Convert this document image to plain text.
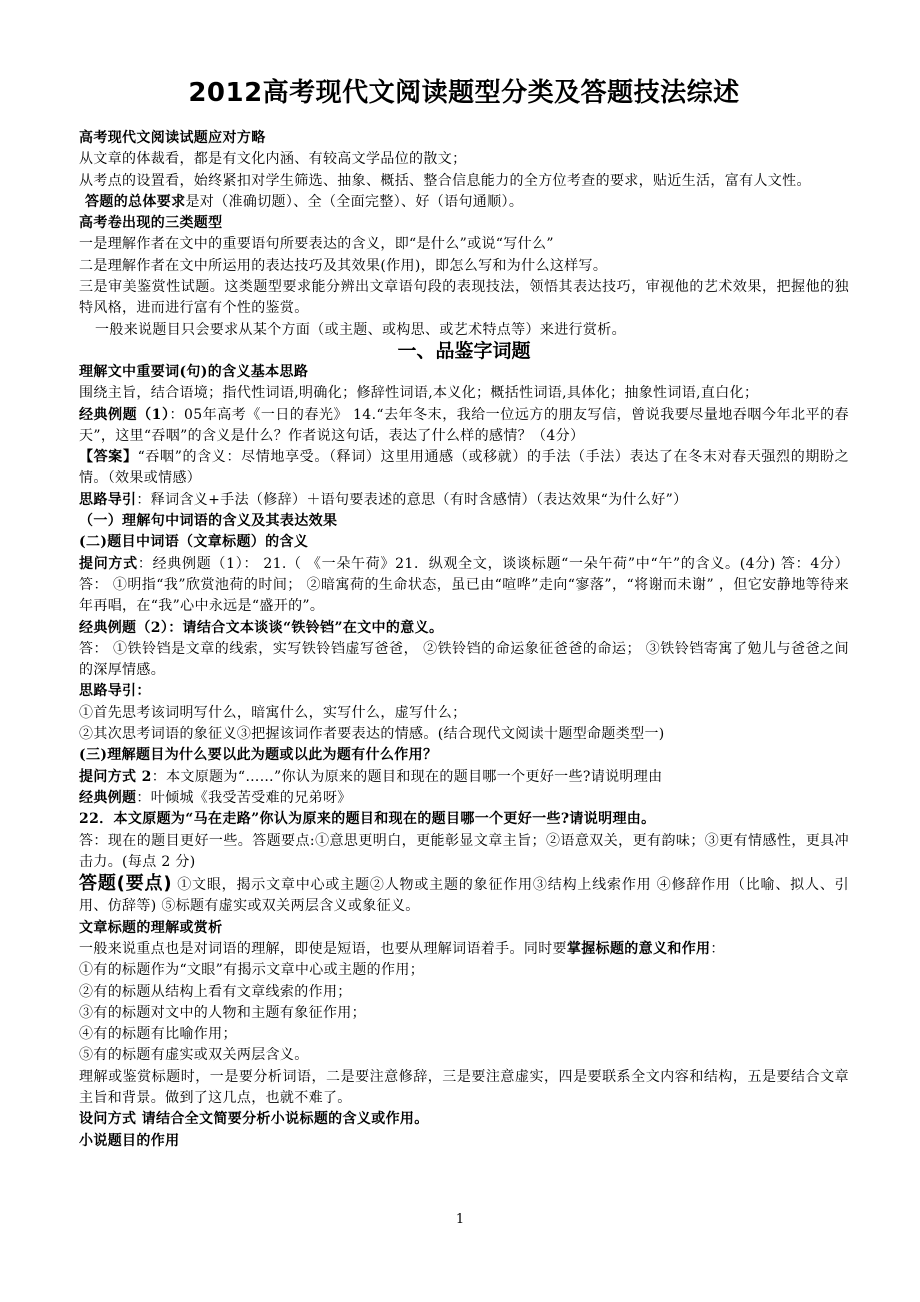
2012高考现代文阅读题型分类及答题技法综述

高考现代文阅读试题应对方略

从文章的体裁看，都是有文化内涵、有较高文学品位的散文；

从考点的设置看，始终紧扣对学生筛选、抽象、概括、整合信息能力的全方位考查的要求，贴近生活，富有人文性。

答题的总体要求是对（准确切题）、全（全面完整）、好（语句通顺）。

高考卷出现的三类题型

一是理解作者在文中的重要语句所要表达的含义，即“是什么”或说“写什么”

二是理解作者在文中所运用的表达技巧及其效果(作用)，即怎么写和为什么这样写。

三是审美鉴赏性试题。这类题型要求能分辨出文章语句段的表现技法，领悟其表达技巧，审视他的艺术效果，把握他的独特风格，进而进行富有个性的鉴赏。

一般来说题目只会要求从某个方面（或主题、或构思、或艺术特点等）来进行赏析。

一、品鉴字词题

理解文中重要词(句)的含义基本思路

围绕主旨，结合语境；指代性词语,明确化；修辞性词语,本义化；概括性词语,具体化；抽象性词语,直白化；

经典例题（1）：05年高考《一日的春光》 14.“去年冬末，我给一位远方的朋友写信，曾说我要尽量地吞咽今年北平的春天”，这里“吞咽”的含义是什么？作者说这句话，表达了什么样的感情？（4分）

【答案】“吞咽”的含义：尽情地享受。（释词）这里用通感（或移就）的手法（手法）表达了在冬末对春天强烈的期盼之情。（效果或情感）

思路导引：释词含义+手法（修辞）＋语句要表述的意思（有时含感情）（表达效果“为什么好”）

（一）理解句中词语的含义及其表达效果

(二)题目中词语（文章标题）的含义

提问方式：经典例题（1）： 21.（ 《一朵午荷》21．纵观全文，谈谈标题“一朵午荷”中“午”的含义。(4分) 答：4分）答： ①明指“我”欣赏池荷的时间； ②暗寓荷的生命状态，虽已由“喧哗”走向“寥落”，“将谢而未谢” ，但它安静地等待来年再唱，在“我”心中永远是“盛开的”。

经典例题（2）：请结合文本谈谈“铁铃铛”在文中的意义。

答： ①铁铃铛是文章的线索，实写铁铃铛虚写爸爸， ②铁铃铛的命运象征爸爸的命运； ③铁铃铛寄寓了勉儿与爸爸之间的深厚情感。

思路导引：

①首先思考该词明写什么，暗寓什么，实写什么，虚写什么；

②其次思考词语的象征义③把握该词作者要表达的情感。(结合现代文阅读十题型命题类型一)

(三)理解题目为什么要以此为题或以此为题有什么作用？

提问方式 2：本文原题为“……”你认为原来的题目和现在的题目哪一个更好一些?请说明理由

经典例题：叶倾城《我受苦受难的兄弟呀》

22．本文原题为“马在走路”你认为原来的题目和现在的题目哪一个更好一些?请说明理由。

答：现在的题目更好一些。答题要点:①意思更明白，更能彰显文章主旨；②语意双关，更有韵味；③更有情感性，更具冲击力。(每点 2 分)

答题(要点) ①文眼，揭示文章中心或主题②人物或主题的象征作用③结构上线索作用 ④修辞作用（比喻、拟人、引用、仿辞等) ⑤标题有虚实或双关两层含义或象征义。

文章标题的理解或赏析

一般来说重点也是对词语的理解，即使是短语，也要从理解词语着手。同时要掌握标题的意义和作用：

①有的标题作为“文眼”有揭示文章中心或主题的作用；

②有的标题从结构上看有文章线索的作用；

③有的标题对文中的人物和主题有象征作用；

④有的标题有比喻作用；

⑤有的标题有虚实或双关两层含义。

理解或鉴赏标题时，一是要分析词语，二是要注意修辞，三是要注意虚实，四是要联系全文内容和结构，五是要结合文章主旨和背景。做到了这几点，也就不难了。

设问方式 请结合全文简要分析小说标题的含义或作用。

小说题目的作用

1
